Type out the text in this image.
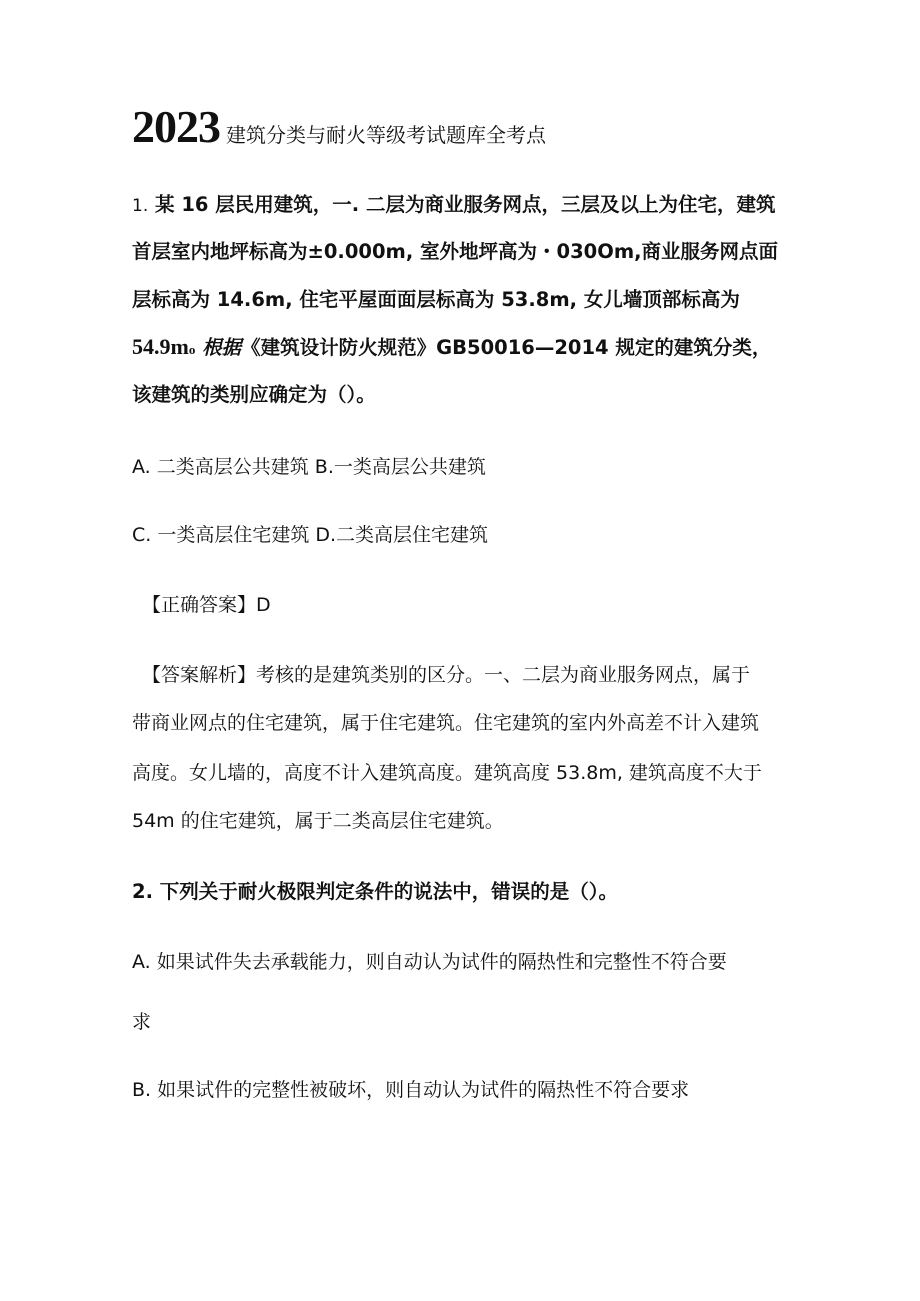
2023 建筑分类与耐火等级考试题库全考点
1. 某 16 层民用建筑，一. 二层为商业服务网点，三层及以上为住宅，建筑
首层室内地坪标高为±0.000m, 室外地坪高为・030Om,商业服务网点面
层标高为 14.6m, 住宅平屋面面层标高为 53.8m, 女儿墙顶部标高为
54.9mo 根据《建筑设计防火规范》GB50016—2014 规定的建筑分类，
该建筑的类别应确定为（）。
A. 二类高层公共建筑 B.一类高层公共建筑
C. 一类高层住宅建筑 D.二类高层住宅建筑
【正确答案】D
【答案解析】考核的是建筑类别的区分。一、二层为商业服务网点，属于
带商业网点的住宅建筑，属于住宅建筑。住宅建筑的室内外高差不计入建筑
高度。女儿墙的，高度不计入建筑高度。建筑高度 53.8m, 建筑高度不大于
54m 的住宅建筑，属于二类高层住宅建筑。
2. 下列关于耐火极限判定条件的说法中，错误的是（）。
A. 如果试件失去承载能力，则自动认为试件的隔热性和完整性不符合要
求
B. 如果试件的完整性被破坏，则自动认为试件的隔热性不符合要求
